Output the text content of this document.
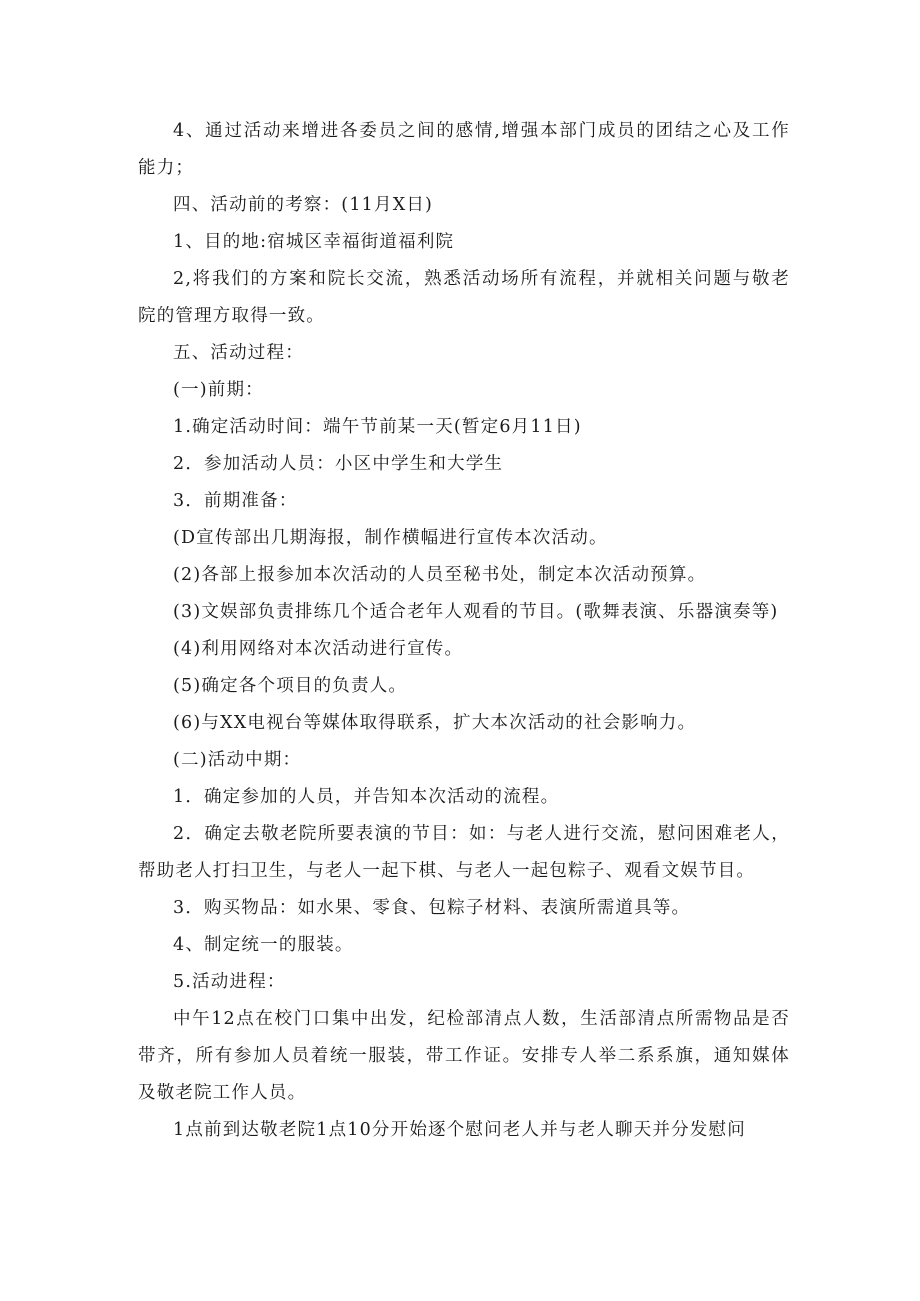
4、通过活动来增进各委员之间的感情,增强本部门成员的团结之心及工作能力；

四、活动前的考察：(11月X日)

1、目的地:宿城区幸福街道福利院

2,将我们的方案和院长交流，熟悉活动场所有流程，并就相关问题与敬老院的管理方取得一致。

五、活动过程：

(一)前期：

1.确定活动时间：端午节前某一天(暂定6月11日)

2．参加活动人员：小区中学生和大学生

3．前期准备：

(D宣传部出几期海报，制作横幅进行宣传本次活动。

(2)各部上报参加本次活动的人员至秘书处，制定本次活动预算。

(3)文娱部负责排练几个适合老年人观看的节目。(歌舞表演、乐器演奏等)

(4)利用网络对本次活动进行宣传。

(5)确定各个项目的负责人。

(6)与XX电视台等媒体取得联系，扩大本次活动的社会影响力。

(二)活动中期：

1．确定参加的人员，并告知本次活动的流程。

2．确定去敬老院所要表演的节目：如：与老人进行交流，慰问困难老人，帮助老人打扫卫生，与老人一起下棋、与老人一起包粽子、观看文娱节目。

3．购买物品：如水果、零食、包粽子材料、表演所需道具等。

4、制定统一的服装。

5.活动进程：

中午12点在校门口集中出发，纪检部清点人数，生活部清点所需物品是否带齐，所有参加人员着统一服装，带工作证。安排专人举二系系旗，通知媒体及敬老院工作人员。

1点前到达敬老院1点10分开始逐个慰问老人并与老人聊天并分发慰问
